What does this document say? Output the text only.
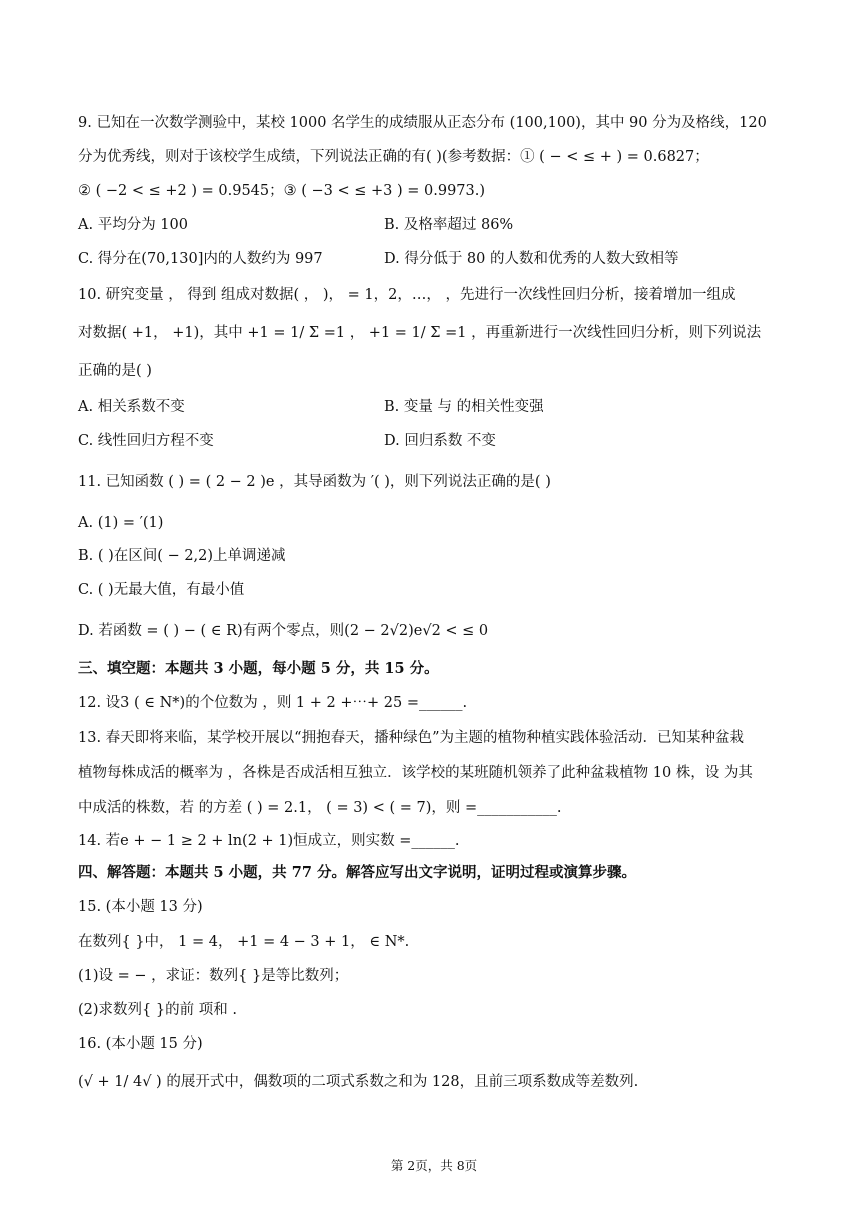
9. 已知在一次数学测验中，某校 1000 名学生的成绩服从正态分布 (100,100)，其中 90 分为及格线，120
分为优秀线，则对于该校学生成绩，下列说法正确的有( )(参考数据：① ( − < ≤ + ) = 0.6827；
② ( −2 < ≤ +2 ) = 0.9545；③ ( −3 < ≤ +3 ) = 0.9973.)
A. 平均分为 100	B. 及格率超过 86%
C. 得分在(70,130]内的人数约为 997	D. 得分低于 80 的人数和优秀的人数大致相等
10. 研究变量 ， 得到 组成对数据( ， )， = 1，2，…， ，先进行一次线性回归分析，接着增加一组成
对数据( +1， +1)，其中 +1 = 1/ Σ =1 ， +1 = 1/ Σ =1 ，再重新进行一次线性回归分析，则下列说法
正确的是( )
A. 相关系数不变	B. 变量 与 的相关性变强
C. 线性回归方程不变	D. 回归系数 不变
11. 已知函数 ( ) = ( 2 − 2 )e ，其导函数为 ′( )，则下列说法正确的是( )
A. (1) = ′(1)
B. ( )在区间( − 2,2)上单调递减
C. ( )无最大值，有最小值
D. 若函数 = ( ) − ( ∈ R)有两个零点，则(2 − 2√2)e√2 < ≤ 0
三、填空题：本题共 3 小题，每小题 5 分，共 15 分。
12. 设3 ( ∈ N*)的个位数为 ，则 1 + 2 +⋯+ 25 =______.
13. 春天即将来临，某学校开展以“拥抱春天，播种绿色”为主题的植物种植实践体验活动．已知某种盆栽
植物每株成活的概率为 ，各株是否成活相互独立．该学校的某班随机领养了此种盆栽植物 10 株，设 为其
中成活的株数，若 的方差 ( ) = 2.1， ( = 3) < ( = 7)，则 =___________.
14. 若e + − 1 ≥ 2 + ln(2 + 1)恒成立，则实数 =______.
四、解答题：本题共 5 小题，共 77 分。解答应写出文字说明，证明过程或演算步骤。
15. (本小题 13 分)
在数列{ }中， 1 = 4， +1 = 4 − 3 + 1， ∈ N*.
(1)设 = − ，求证：数列{ }是等比数列；
(2)求数列{ }的前 项和 .
16. (本小题 15 分)
(√ + 1/ 4√ ) 的展开式中，偶数项的二项式系数之和为 128，且前三项系数成等差数列.
第 2页，共 8页
